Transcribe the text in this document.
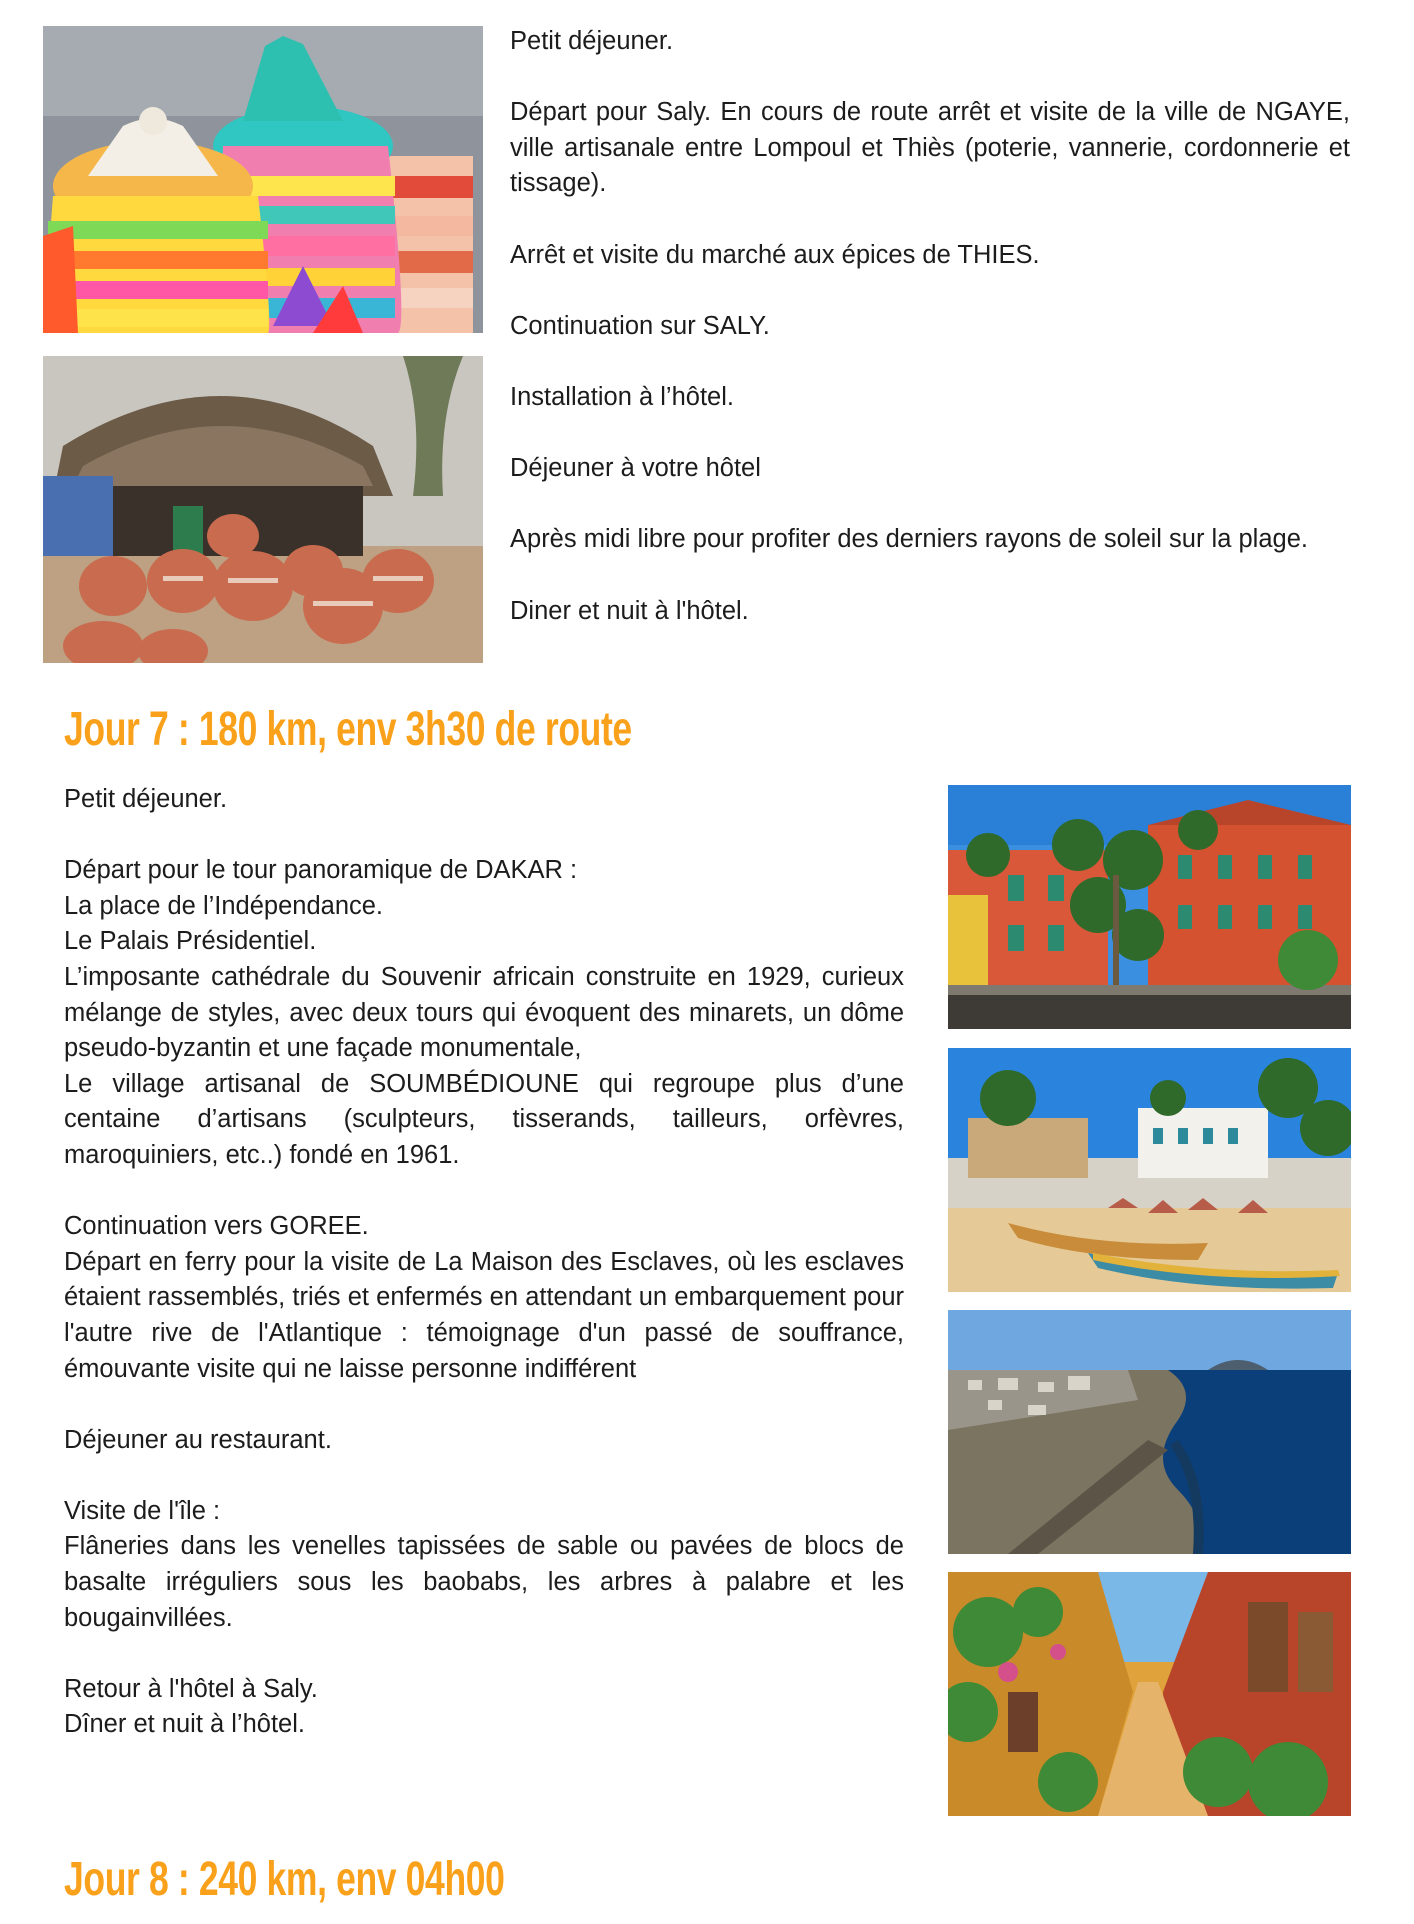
Petit déjeuner.

Départ pour Saly. En cours de route arrêt et visite de la ville de NGAYE, ville artisanale entre Lompoul et Thiès (poterie, vannerie, cordonnerie et tissage).

Arrêt et visite du marché aux épices de THIES.

Continuation sur SALY.

Installation à l’hôtel.

Déjeuner à votre hôtel

Après midi libre pour profiter des derniers rayons de soleil sur la plage.

Diner et nuit à l'hôtel.

Jour 7 : 180 km, env 3h30 de route

Petit déjeuner.

Départ pour le tour panoramique de DAKAR :
La place de l’Indépendance.
Le Palais Présidentiel.
L’imposante cathédrale du Souvenir africain construite en 1929, curieux mélange de styles, avec deux tours qui évoquent des minarets, un dôme pseudo-byzantin et une façade monumentale,
Le village artisanal de SOUMBÉDIOUNE qui regroupe plus d’une centaine d’artisans (sculpteurs, tisserands, tailleurs, orfèvres, maroquiniers, etc..) fondé en 1961.

Continuation vers GOREE.
Départ en ferry pour la visite de La Maison des Esclaves, où les esclaves étaient rassemblés, triés et enfermés en attendant un embarquement pour l'autre rive de l'Atlantique : témoignage d'un passé de souffrance, émouvante visite qui ne laisse personne indifférent

Déjeuner au restaurant.

Visite de l'île :
Flâneries dans les venelles tapissées de sable ou pavées de blocs de basalte irréguliers sous les baobabs, les arbres à palabre et les bougainvillées.

Retour à l'hôtel à Saly.
Dîner et nuit à l’hôtel.

Jour 8 : 240 km, env 04h00
